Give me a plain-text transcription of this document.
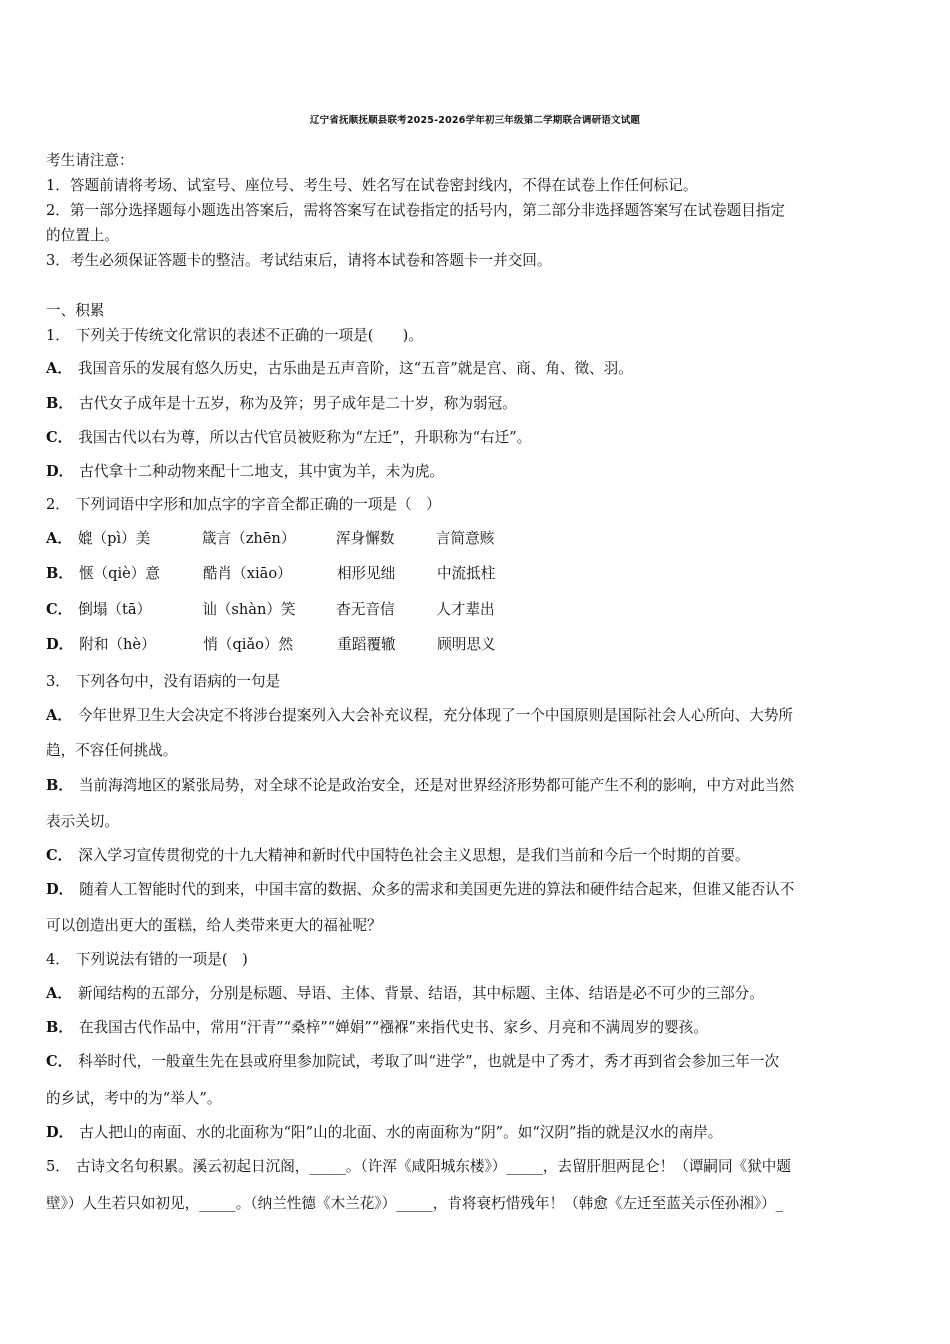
辽宁省抚顺抚顺县联考2025-2026学年初三年级第二学期联合调研语文试题
考生请注意：
1．答题前请将考场、试室号、座位号、考生号、姓名写在试卷密封线内，不得在试卷上作任何标记。
2．第一部分选择题每小题选出答案后，需将答案写在试卷指定的括号内，第二部分非选择题答案写在试卷题目指定
的位置上。
3．考生必须保证答题卡的整洁。考试结束后，请将本试卷和答题卡一并交回。
一、积累
1． 下列关于传统文化常识的表述不正确的一项是(　　)。
A． 我国音乐的发展有悠久历史，古乐曲是五声音阶，这“五音”就是宫、商、角、徵、羽。
B． 古代女子成年是十五岁，称为及笄；男子成年是二十岁，称为弱冠。
C． 我国古代以右为尊，所以古代官员被贬称为“左迁”，升职称为“右迁”。
D． 古代拿十二种动物来配十二地支，其中寅为羊，未为虎。
2． 下列词语中字形和加点字的字音全都正确的一项是（　）
A． 媲（pì）美	箴言（zhēn）	浑身懈数	言简意赅
B． 惬（qiè）意	酷肖（xiāo）	相形见绌	中流抵柱
C． 倒塌（tā）	讪（shàn）笑	杳无音信	人才辈出
D． 附和（hè）	悄（qiǎo）然	重蹈覆辙	顾明思义
3． 下列各句中，没有语病的一句是
A． 今年世界卫生大会决定不将涉台提案列入大会补充议程，充分体现了一个中国原则是国际社会人心所向、大势所
趋，不容任何挑战。
B． 当前海湾地区的紧张局势，对全球不论是政治安全，还是对世界经济形势都可能产生不利的影响，中方对此当然
表示关切。
C． 深入学习宣传贯彻党的十九大精神和新时代中国特色社会主义思想，是我们当前和今后一个时期的首要。
D． 随着人工智能时代的到来，中国丰富的数据、众多的需求和美国更先进的算法和硬件结合起来，但谁又能否认不
可以创造出更大的蛋糕，给人类带来更大的福祉呢？
4． 下列说法有错的一项是(　)
A． 新闻结构的五部分，分别是标题、导语、主体、背景、结语，其中标题、主体、结语是必不可少的三部分。
B． 在我国古代作品中，常用“汗青”“桑梓”“婵娟”“襁褓”来指代史书、家乡、月亮和不满周岁的婴孩。
C． 科举时代，一般童生先在县或府里参加院试，考取了叫“进学”，也就是中了秀才，秀才再到省会参加三年一次
的乡试，考中的为“举人”。
D． 古人把山的南面、水的北面称为“阳”山的北面、水的南面称为“阴”。如“汉阴”指的就是汉水的南岸。
5． 古诗文名句积累。溪云初起日沉阁，_____。（许浑《咸阳城东楼》）_____，去留肝胆两昆仑！（谭嗣同《狱中题
壁》）人生若只如初见，_____。（纳兰性德《木兰花》）_____，肯将衰朽惜残年！（韩愈《左迁至蓝关示侄孙湘》）_
